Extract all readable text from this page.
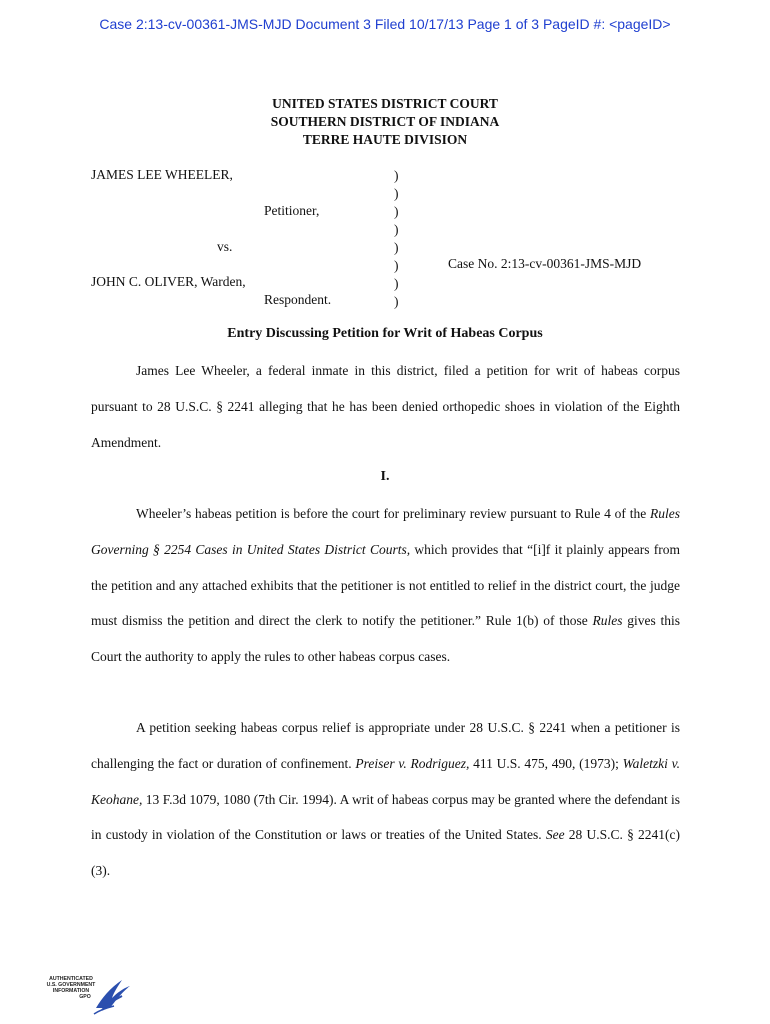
Case 2:13-cv-00361-JMS-MJD Document 3 Filed 10/17/13 Page 1 of 3 PageID #: <pageID>
UNITED STATES DISTRICT COURT
SOUTHERN DISTRICT OF INDIANA
TERRE HAUTE DIVISION
JAMES LEE WHEELER,
Petitioner,
vs.
JOHN C. OLIVER, Warden,
Respondent.
Case No. 2:13-cv-00361-JMS-MJD
)
)
)
)
)
)
)
)
Entry Discussing Petition for Writ of Habeas Corpus

James Lee Wheeler, a federal inmate in this district, filed a petition for writ of habeas corpus pursuant to 28 U.S.C. § 2241 alleging that he has been denied orthopedic shoes in violation of the Eighth Amendment.

I.

Wheeler’s habeas petition is before the court for preliminary review pursuant to Rule 4 of the Rules Governing § 2254 Cases in United States District Courts, which provides that “[i]f it plainly appears from the petition and any attached exhibits that the petitioner is not entitled to relief in the district court, the judge must dismiss the petition and direct the clerk to notify the petitioner.” Rule 1(b) of those Rules gives this Court the authority to apply the rules to other habeas corpus cases.

A petition seeking habeas corpus relief is appropriate under 28 U.S.C. § 2241 when a petitioner is challenging the fact or duration of confinement. Preiser v. Rodriguez, 411 U.S. 475, 490, (1973); Waletzki v. Keohane, 13 F.3d 1079, 1080 (7th Cir. 1994). A writ of habeas corpus may be granted where the defendant is in custody in violation of the Constitution or laws or treaties of the United States. See 28 U.S.C. § 2241(c)(3).

AUTHENTICATED
U.S. GOVERNMENT
INFORMATION
GPO
